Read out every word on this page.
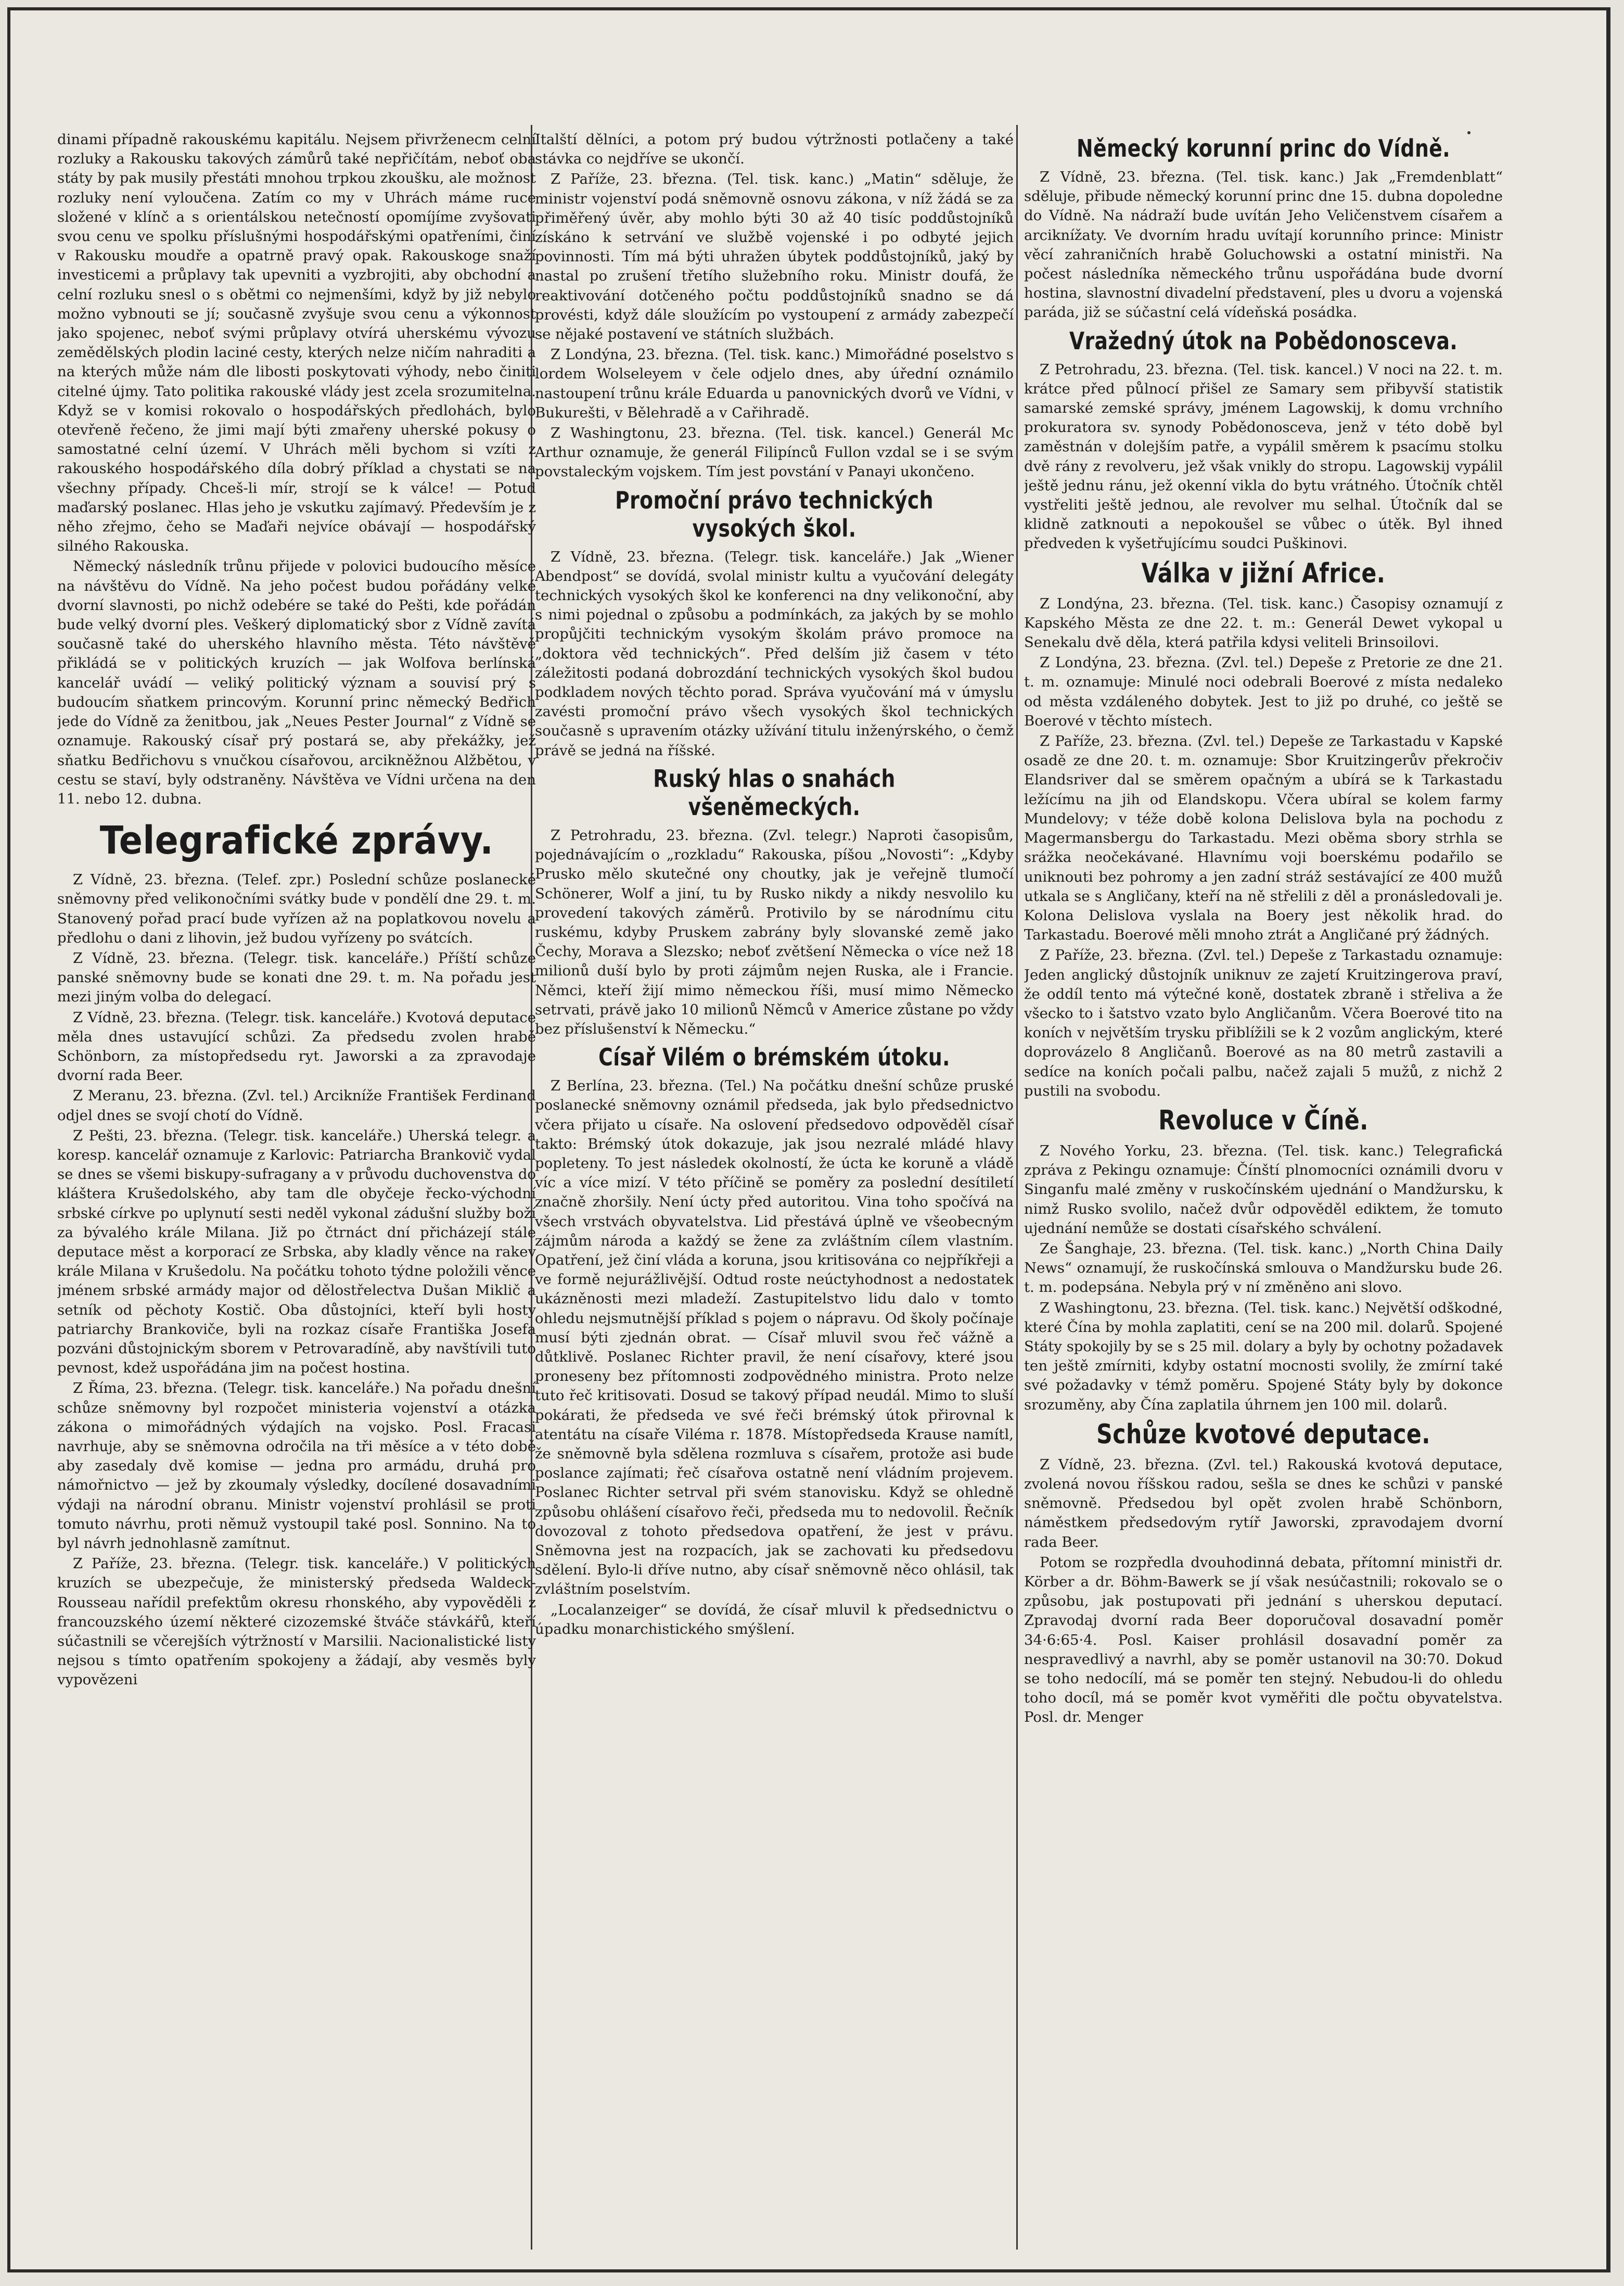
dinami případně rakouskému kapitálu. Nejsem přivrženecm celní rozluky a Rakousku takových zámůrů také nepřičítám, neboť oba státy by pak musily přestáti mnohou trpkou zkoušku, ale možnost rozluky není vyloučena. Zatím co my v Uhrách máme ruce složené v klínč a s orientálskou netečností opomíjíme zvyšovati svou cenu ve spolku příslušnými hospodářskými opatřeními, činí v Rakousku moudře a opatrně pravý opak. Rakouskoge snaží investicemi a průplavy tak upevniti a vyzbrojiti, aby obchodní a celní rozluku snesl o s obětmi co nejmenšími, když by již nebylo možno vybnouti se jí; současně zvyšuje svou cenu a výkonnost jako spojenec, neboť svými průplavy otvírá uherskému vývozu zemědělských plodin laciné cesty, kterých nelze ničím nahraditi a na kterých může nám dle libosti poskytovati výhody, nebo činiti citelné újmy. Tato politika rakouské vlády jest zcela srozumitelna. Když se v komisi rokovalo o hospodářských předlohách, bylo otevřeně řečeno, že jimi mají býti zmařeny uherské pokusy o samostatné celní území. V Uhrách měli bychom si vzíti z rakouského hospodářského díla dobrý příklad a chystati se na všechny případy. Chceš-li mír, strojí se k válce! — Potud maďarský poslanec. Hlas jeho je vskutku zajímavý. Především je z něho zřejmo, čeho se Maďaři nejvíce obávají — hospodářský silného Rakouska.

Německý následník trůnu přijede v polovici budoucího měsíce na návštěvu do Vídně. Na jeho počest budou pořádány velké dvorní slavnosti, po nichž odebére se také do Pešti, kde pořádán bude velký dvorní ples. Veškerý diplomatický sbor z Vídně zavítá současně také do uherského hlavního města. Této návštěvě přikládá se v politických kruzích — jak Wolfova berlínská kancelář uvádí — veliký politický význam a souvisí prý s budoucím sňatkem princovým. Korunní princ německý Bedřich jede do Vídně za ženitbou, jak „Neues Pester Journal“ z Vídně se oznamuje. Rakouský císař prý postará se, aby překážky, jež sňatku Bedřichovu s vnučkou císařovou, arcikněžnou Alžbětou, v cestu se staví, byly odstraněny. Návštěva ve Vídni určena na den 11. nebo 12. dubna.

Telegrafické zprávy.

Z Vídně, 23. března. (Telef. zpr.) Poslední schůze poslanecké sněmovny před velikonočními svátky bude v pondělí dne 29. t. m. Stanovený pořad prací bude vyřízen až na poplatkovou novelu a předlohu o dani z lihovin, jež budou vyřízeny po svátcích.

Z Vídně, 23. března. (Telegr. tisk. kanceláře.) Příští schůze panské sněmovny bude se konati dne 29. t. m. Na pořadu jest mezi jiným volba do delegací.

Z Vídně, 23. března. (Telegr. tisk. kanceláře.) Kvotová deputace měla dnes ustavující schůzi. Za předsedu zvolen hrabě Schönborn, za místopředsedu ryt. Jaworski a za zpravodaje dvorní rada Beer.

Z Meranu, 23. března. (Zvl. tel.) Arcikníže František Ferdinand odjel dnes se svojí chotí do Vídně.

Z Pešti, 23. března. (Telegr. tisk. kanceláře.) Uherská telegr. a koresp. kancelář oznamuje z Karlovic: Patriarcha Brankovič vydal se dnes se všemi biskupy-sufragany a v průvodu duchovenstva do kláštera Krušedolského, aby tam dle obyčeje řecko-východní srbské církve po uplynutí sesti neděl vykonal zádušní služby boží za bývalého krále Milana. Již po čtrnáct dní přicházejí stále deputace měst a korporací ze Srbska, aby kladly věnce na rakev krále Milana v Krušedolu. Na počátku tohoto týdne položili věnce jménem srbské armády major od dělostřelectva Dušan Miklič a setník od pěchoty Kostič. Oba důstojníci, kteří byli hosty patriarchy Brankoviče, byli na rozkaz císaře Františka Josefa pozváni důstojnickým sborem v Petrovaradíně, aby navštívili tuto pevnost, kdež uspořádána jim na počest hostina.

Z Říma, 23. března. (Telegr. tisk. kanceláře.) Na pořadu dnešní schůze sněmovny byl rozpočet ministeria vojenství a otázka zákona o mimořádných výdajích na vojsko. Posl. Fracasi navrhuje, aby se sněmovna odročila na tři měsíce a v této době aby zasedaly dvě komise — jedna pro armádu, druhá pro námořnictvo — jež by zkoumaly výsledky, docílené dosavadními výdaji na národní obranu. Ministr vojenství prohlásil se proti tomuto návrhu, proti němuž vystoupil také posl. Sonnino. Na to byl návrh jednohlasně zamítnut.

Z Paříže, 23. března. (Telegr. tisk. kanceláře.) V politických kruzích se ubezpečuje, že ministerský předseda Waldeck-Rousseau nařídil prefektům okresu rhonského, aby vypověděli z francouzského území některé cizozemské štváče stávkářů, kteří súčastnili se včerejších výtržností v Marsilii. Nacionalistické listy nejsou s tímto opatřením spokojeny a žádají, aby vesměs byly vypovězeni

Italští dělníci, a potom prý budou výtržnosti potlačeny a také stávka co nejdříve se ukončí.

Z Paříže, 23. března. (Tel. tisk. kanc.) „Matin“ sděluje, že ministr vojenství podá sněmovně osnovu zákona, v níž žádá se za přiměřený úvěr, aby mohlo býti 30 až 40 tisíc poddůstojníků získáno k setrvání ve službě vojenské i po odbyté jejich povinnosti. Tím má býti uhražen úbytek poddůstojníků, jaký by nastal po zrušení třetího služebního roku. Ministr doufá, že reaktivování dotčeného počtu poddůstojníků snadno se dá provésti, když dále sloužícím po vystoupení z armády zabezpečí se nějaké postavení ve státních službách.

Z Londýna, 23. března. (Tel. tisk. kanc.) Mimořádné poselstvo s lordem Wolseleyem v čele odjelo dnes, aby úřední oznámilo nastoupení trůnu krále Eduarda u panovnických dvorů ve Vídni, v Bukurešti, v Bělehradě a v Cařihradě.

Z Washingtonu, 23. března. (Tel. tisk. kancel.) Generál Mc Arthur oznamuje, že generál Filipínců Fullon vzdal se i se svým povstaleckým vojskem. Tím jest povstání v Panayi ukončeno.

Promoční právo technických vysokých škol.

Z Vídně, 23. března. (Telegr. tisk. kanceláře.) Jak „Wiener Abendpost“ se dovídá, svolal ministr kultu a vyučování delegáty technických vysokých škol ke konferenci na dny velikonoční, aby s nimi pojednal o způsobu a podmínkách, za jakých by se mohlo propůjčiti technickým vysokým školám právo promoce na „doktora věd technických“. Před delším již časem v této záležitosti podaná dobrozdání technických vysokých škol budou podkladem nových těchto porad. Správa vyučování má v úmyslu zavésti promoční právo všech vysokých škol technických současně s upravením otázky užívání titulu inženýrského, o čemž právě se jedná na říšské.

Ruský hlas o snahách všeněmeckých.

Z Petrohradu, 23. března. (Zvl. telegr.) Naproti časopisům, pojednávajícím o „rozkladu“ Rakouska, píšou „Novosti“: „Kdyby Prusko mělo skutečné ony choutky, jak je veřejně tlumočí Schönerer, Wolf a jiní, tu by Rusko nikdy a nikdy nesvolilo ku provedení takových záměrů. Protivilo by se národnímu citu ruskému, kdyby Pruskem zabrány byly slovanské země jako Čechy, Morava a Slezsko; neboť zvětšení Německa o více než 18 milionů duší bylo by proti zájmům nejen Ruska, ale i Francie. Němci, kteří žijí mimo německou říši, musí mimo Německo setrvati, právě jako 10 milionů Němců v Americe zůstane po vždy bez příslušenství k Německu.“

Císař Vilém o brémském útoku.

Z Berlína, 23. března. (Tel.) Na počátku dnešní schůze pruské poslanecké sněmovny oznámil předseda, jak bylo předsednictvo včera přijato u císaře. Na oslovení předsedovo odpověděl císař takto: Brémský útok dokazuje, jak jsou nezralé mládé hlavy popleteny. To jest následek okolností, že úcta ke koruně a vládě víc a více mizí. V této příčině se poměry za poslední desítiletí značně zhoršily. Není úcty před autoritou. Vina toho spočívá na všech vrstvách obyvatelstva. Lid přestává úplně ve všeobecným zájmům národa a každý se žene za zvláštním cílem vlastním. Opatření, jež činí vláda a koruna, jsou kritisována co nejpříkřeji a ve formě nejurážlivější. Odtud roste neúctyhodnost a nedostatek ukázněnosti mezi mladeží. Zastupitelstvo lidu dalo v tomto ohledu nejsmutnější příklad s pojem o nápravu. Od školy počínaje musí býti zjednán obrat. — Císař mluvil svou řeč vážně a důtklivě. Poslanec Richter pravil, že není císařovy, které jsou proneseny bez přítomnosti zodpovědného ministra. Proto nelze tuto řeč kritisovati. Dosud se takový případ neudál. Mimo to sluší pokárati, že předseda ve své řeči brémský útok přirovnal k atentátu na císaře Viléma r. 1878. Místopředseda Krause namítl, že sněmovně byla sdělena rozmluva s císařem, protože asi bude poslance zajímati; řeč císařova ostatně není vládním projevem. Poslanec Richter setrval při svém stanovisku. Když se ohledně způsobu ohlášení císařovo řeči, předseda mu to nedovolil. Řečník dovozoval z tohoto předsedova opatření, že jest v právu. Sněmovna jest na rozpacích, jak se zachovati ku předsedovu sdělení. Bylo-li dříve nutno, aby císař sněmovně něco ohlásil, tak zvláštním poselstvím.

„Localanzeiger“ se dovídá, že císař mluvil k předsednictvu o úpadku monarchistického smýšlení.

Německý korunní princ do Vídně.

Z Vídně, 23. března. (Tel. tisk. kanc.) Jak „Fremdenblatt“ sděluje, přibude německý korunní princ dne 15. dubna dopoledne do Vídně. Na nádraží bude uvítán Jeho Veličenstvem císařem a arciknížaty. Ve dvorním hradu uvítají korunního prince: Ministr věcí zahraničních hrabě Goluchowski a ostatní ministři. Na počest následníka německého trůnu uspořádána bude dvorní hostina, slavnostní divadelní představení, ples u dvoru a vojenská paráda, již se súčastní celá vídeňská posádka.

Vražedný útok na Pobědonosceva.

Z Petrohradu, 23. března. (Tel. tisk. kancel.) V noci na 22. t. m. krátce před půlnocí přišel ze Samary sem přibyvší statistik samarské zemské správy, jménem Lagowskij, k domu vrchního prokuratora sv. synody Pobědonosceva, jenž v této době byl zaměstnán v dolejším patře, a vypálil směrem k psacímu stolku dvě rány z revolveru, jež však vnikly do stropu. Lagowskij vypálil ještě jednu ránu, jež okenní vikla do bytu vrátného. Útočník chtěl vystřeliti ještě jednou, ale revolver mu selhal. Útočník dal se klidně zatknouti a nepokoušel se vůbec o útěk. Byl ihned předveden k vyšetřujícímu soudci Puškinovi.

Válka v jižní Africe.

Z Londýna, 23. března. (Tel. tisk. kanc.) Časopisy oznamují z Kapského Města ze dne 22. t. m.: Generál Dewet vykopal u Senekalu dvě děla, která patřila kdysi veliteli Brinsoilovi.

Z Londýna, 23. března. (Zvl. tel.) Depeše z Pretorie ze dne 21. t. m. oznamuje: Minulé noci odebrali Boerové z místa nedaleko od města vzdáleného dobytek. Jest to již po druhé, co ještě se Boerové v těchto místech.

Z Paříže, 23. března. (Zvl. tel.) Depeše ze Tarkastadu v Kapské osadě ze dne 20. t. m. oznamuje: Sbor Kruitzingerův překročiv Elandsriver dal se směrem opačným a ubírá se k Tarkastadu ležícímu na jih od Elandskopu. Včera ubíral se kolem farmy Mundelovy; v téže době kolona Delislova byla na pochodu z Magermansbergu do Tarkastadu. Mezi oběma sbory strhla se srážka neočekávané. Hlavnímu voji boerskému podařilo se uniknouti bez pohromy a jen zadní stráž sestávající ze 400 mužů utkala se s Angličany, kteří na ně střelili z děl a pronásledovali je. Kolona Delislova vyslala na Boery jest několik hrad. do Tarkastadu. Boerové měli mnoho ztrát a Angličané prý žádných.

Z Paříže, 23. března. (Zvl. tel.) Depeše z Tarkastadu oznamuje: Jeden anglický důstojník uniknuv ze zajetí Kruitzingerova praví, že oddíl tento má výtečné koně, dostatek zbraně i střeliva a že všecko to i šatstvo vzato bylo Angličanům. Včera Boerové tito na koních v největším trysku přiblížili se k 2 vozům anglickým, které doprovázelo 8 Angličanů. Boerové as na 80 metrů zastavili a sedíce na koních počali palbu, načež zajali 5 mužů, z nichž 2 pustili na svobodu.

Revoluce v Číně.

Z Nového Yorku, 23. března. (Tel. tisk. kanc.) Telegrafická zpráva z Pekingu oznamuje: Čínští plnomocníci oznámili dvoru v Singanfu malé změny v ruskočínském ujednání o Mandžursku, k nimž Rusko svolilo, načež dvůr odpověděl ediktem, že tomuto ujednání nemůže se dostati císařského schválení.

Ze Šanghaje, 23. března. (Tel. tisk. kanc.) „North China Daily News“ oznamují, že ruskočínská smlouva o Mandžursku bude 26. t. m. podepsána. Nebyla prý v ní změněno ani slovo.

Z Washingtonu, 23. března. (Tel. tisk. kanc.) Největší odškodné, které Čína by mohla zaplatiti, cení se na 200 mil. dolarů. Spojené Státy spokojily by se s 25 mil. dolary a byly by ochotny požadavek ten ještě zmírniti, kdyby ostatní mocnosti svolily, že zmírní také své požadavky v témž poměru. Spojené Státy byly by dokonce srozuměny, aby Čína zaplatila úhrnem jen 100 mil. dolarů.

Schůze kvotové deputace.

Z Vídně, 23. března. (Zvl. tel.) Rakouská kvotová deputace, zvolená novou říšskou radou, sešla se dnes ke schůzi v panské sněmovně. Předsedou byl opět zvolen hrabě Schönborn, náměstkem předsedovým rytíř Jaworski, zpravodajem dvorní rada Beer.

Potom se rozpředla dvouhodinná debata, přítomní ministři dr. Körber a dr. Böhm-Bawerk se jí však nesúčastnili; rokovalo se o způsobu, jak postupovati při jednání s uherskou deputací. Zpravodaj dvorní rada Beer doporučoval dosavadní poměr 34·6:65·4. Posl. Kaiser prohlásil dosavadní poměr za nespravedlivý a navrhl, aby se poměr ustanovil na 30:70. Dokud se toho nedocílí, má se poměr ten stejný. Nebudou-li do ohledu toho docíl, má se poměr kvot vyměřiti dle počtu obyvatelstva. Posl. dr. Menger
